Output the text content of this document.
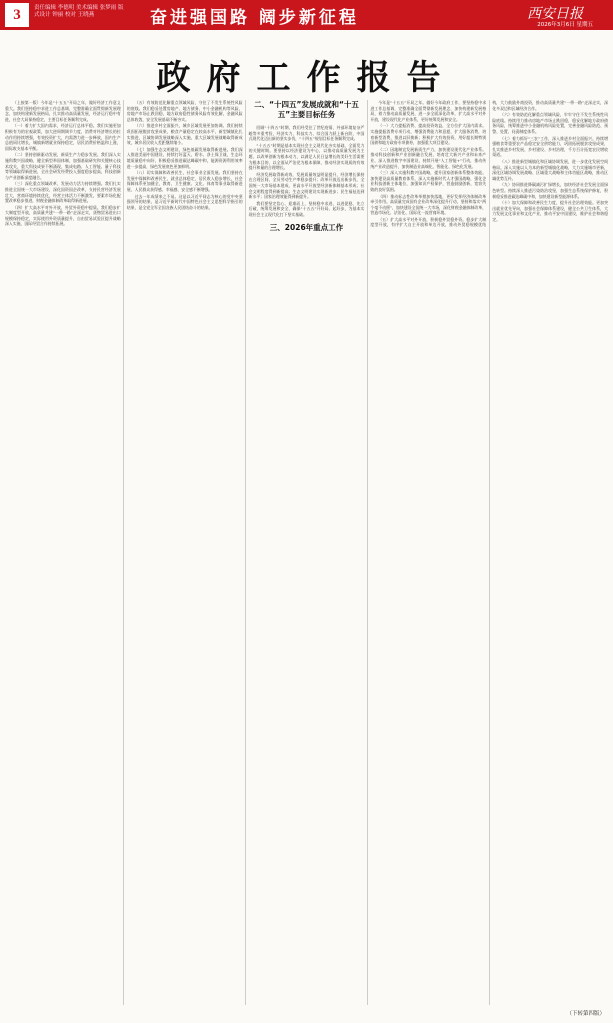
3	责任编辑 李德明 美术编辑 张梦雨 版式设计 钟丽 校对 王晓燕	奋进强国路 阔步新征程	西安日报
2026年3月6日 星期五
政府工作报告

（上接第一版）今年是“十五五”开局之年，做好经济工作意义重大。我们坚持稳中求进工作总基调，完整准确全面贯彻新发展理念，加快构建新发展格局，扎实推动高质量发展，经济运行稳中有进，社会大局保持稳定，主要目标任务顺利完成。

（一）着力扩大国内需求，经济运行总体平稳。我们实施更加积极有为的宏观政策，加大逆周期调节力度，消费对经济增长的拉动作用持续增强，有效投资扩大，内需潜力进一步释放，国内生产总值同比增长，城镇新增就业保持稳定，居民消费价格温和上涨，国际收支基本平衡。

（二）坚持创新驱动发展，新质生产力稳步发展。我们深入实施科教兴国战略，健全新型举国体制，加强基础研究和关键核心技术攻关，重大科技成果不断涌现，集成电路、人工智能、量子科技等领域取得新进展，全社会研发经费投入强度稳步提高，科技创新与产业创新深度融合。

（三）深化重点领域改革，发展动力活力持续增强。我们扎实推进全国统一大市场建设，深化国资国企改革，支持民营经济发展壮大，营商环境持续优化，经营主体活力不断激发，要素市场化配置改革稳步推进，财税金融体制改革取得新进展。

（四）扩大高水平对外开放，外贸外资稳中提质。我们稳步扩大制度型开放，高质量共建“一带一路”走深走实，货物贸易进出口规模保持稳定，实际使用外资质量提升，自由贸易试验区提升战略深入实施，国际经贸合作持续拓展。

（五）有效防范化解重点领域风险，守住了不发生系统性风险的底线。我们稳妥处置房地产、地方债务、中小金融机构等风险，房地产市场止跌回稳，地方政府隐性债务风险有效化解，金融风险总体收敛，安全发展基础不断夯实。

（六）推进乡村全面振兴，城乡区域发展更加协调。我们持续巩固拓展脱贫攻坚成果，粮食产量稳定在较高水平，新型城镇化扎实推进，区域协调发展战略深入实施，重大区域发展战略取得新成效，城乡居民收入差距继续缩小。

（七）加强生态文明建设，绿色低碳发展取得新进展。我们深入推进美丽中国建设，持续打好蓝天、碧水、净土保卫战，生态环境质量稳中向好，积极稳妥推进碳达峰碳中和，能源资源利用效率进一步提高，绿色发展底色更加鲜明。

（八）切实保障和改善民生，社会事业全面发展。我们坚持在发展中保障和改善民生，就业总体稳定，居民收入稳步增长，社会保障体系更加健全，教育、卫生健康、文化、体育等事业取得新进展，人民群众获得感、幸福感、安全感不断增强。

过去一年成绩来之不易。这是以习近平同志为核心的党中央坚强领导的结果，是习近平新时代中国特色社会主义思想科学指引的结果，是全党全军全国各族人民团结奋斗的结果。

二、“十四五”发展成就和“十五五”主要目标任务

回顾“十四五”时期，我们经受住了世纪疫情、外部环境复杂严峻等多重考验，经济实力、科技实力、综合国力跃上新台阶，中国式现代化迈出新的坚实步伐，“十四五”规划目标任务顺利完成。

“十五五”时期是基本实现社会主义现代化夯实基础、全面发力的关键时期。要坚持以经济建设为中心，以推动高质量发展为主题，以改革创新为根本动力，以满足人民日益增长的美好生活需要为根本目的，以全面从严治党为根本保障，推动经济实现质的有效提升和量的合理增长。

经济发展取得新成效，发展质量效益明显提升，经济增长保持在合理区间，全员劳动生产率稳步提升；改革开放迈出新步伐，全国统一大市场基本建成，更高水平开放型经济新体制基本形成；社会文明程度得到新提高；生态文明建设实现新进步；民生福祉达到新水平；国家治理效能得到新提升。

我们要坚定信心、迎难而上，坚持稳中求进、以进促稳、先立后破，统筹发展和安全，确保“十五五”开好局、起好步，为基本实现社会主义现代化打下坚实基础。

三、2026年重点工作

今年是“十五五”开局之年。做好今年政府工作，要坚持稳中求进工作总基调，完整准确全面贯彻新发展理念，加快构建新发展格局，着力推动高质量发展，进一步全面深化改革，扩大高水平对外开放，建设现代化产业体系，更好统筹发展和安全。

（一）大力提振消费、提高投资效益，全方位扩大国内需求。实施提振消费专项行动，增强消费能力和意愿，扩大服务消费，培育新型消费，推进以旧换新；积极扩大有效投资，用好超长期特别国债和地方政府专项债券，加强重大项目建设。

（二）因地制宜发展新质生产力，加快建设现代化产业体系。推动科技创新和产业创新融合发展，培育壮大新兴产业和未来产业，深入推进数字中国建设，持续开展“人工智能+”行动，推动传统产业改造提升，加快制造业高端化、智能化、绿色化发展。

（三）深入实施科教兴国战略，提升国家创新体系整体效能。加快建设高质量教育体系，深入实施新时代人才强国战略，强化企业科技创新主体地位，加强知识产权保护，营造鼓励创新、宽容失败的良好氛围。

（四）推动标志性改革举措加快落地，更好发挥经济体制改革牵引作用。高质量完成国有企业改革深化提升行动，坚持和落实“两个毫不动摇”，加快建设全国统一大市场，深化财税金融体制改革，营造市场化、法治化、国际化一流营商环境。

（五）扩大高水平对外开放，积极稳外贸稳外资。稳步扩大制度型开放，有序扩大自主开放和单边开放，推动外贸稳规模优结构，大力鼓励外商投资，推动高质量共建“一带一路”走深走实，深化多双边和区域经济合作。

（六）有效防范化解重点领域风险，牢牢守住不发生系统性风险底线。持续用力推动房地产市场止跌回稳，稳妥化解地方政府债务风险，统筹推进中小金融机构风险处置，完善金融风险防范、预警、处置、问责制度体系。

（七）着力抓好“三农”工作，深入推进乡村全面振兴。持续增强粮食等重要农产品稳定安全供给能力，巩固拓展脱贫攻坚成果，扎实推进乡村发展、乡村建设、乡村治理，千方百计拓宽农民增收渠道。

（八）推进新型城镇化和区域协调发展，进一步优化发展空间格局。深入实施以人为本的新型城镇化战略，大力实施城市更新，深化区域协调发展战略、区域重大战略和主体功能区战略，推动区域优势互补。

（九）协同推进降碳减污扩绿增长，加快经济社会发展全面绿色转型。持续深入推进污染防治攻坚，加强生态系统保护修复，积极稳妥推进碳达峰碳中和，加快建设新型能源体系。

（十）加大保障和改善民生力度，提升社会治理效能。更加突出就业优先导向，加强社会保障体系建设，健全公共卫生体系，大力发展文化事业和文化产业，推动平安中国建设，维护社会和谐稳定。

（下转第四版）
